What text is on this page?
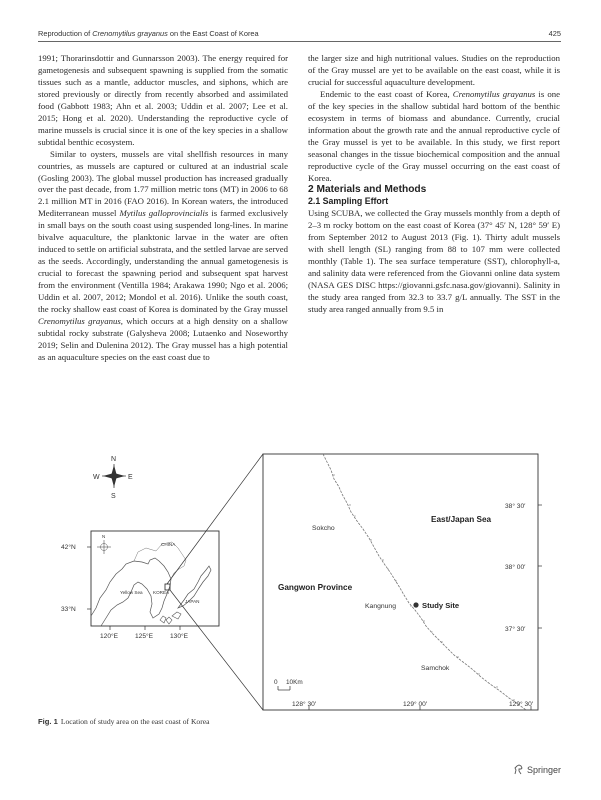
Reproduction of Crenomytilus grayanus on the East Coast of Korea	425

1991; Thorarinsdottir and Gunnarsson 2003). The energy required for gametogenesis and subsequent spawning is supplied from the somatic tissues such as a mantle, adductor muscles, and siphons, which are stored previously or directly from recently absorbed and assimilated food (Gabbott 1983; Ahn et al. 2003; Uddin et al. 2007; Lee et al. 2015; Hong et al. 2020). Understanding the reproductive cycle of marine mussels is crucial since it is one of the key species in a shallow subtidal benthic ecosystem.

Similar to oysters, mussels are vital shellfish resources in many countries, as mussels are captured or cultured at an industrial scale (Gosling 2003). The global mussel production has increased gradually over the past decade, from 1.77 million metric tons (MT) in 2006 to 68 2.1 million MT in 2016 (FAO 2016). In Korean waters, the introduced Mediterranean mussel Mytilus galloprovincialis is farmed exclusively in small bays on the south coast using suspended long-lines. In marine bivalve aquaculture, the planktonic larvae in the water are often induced to settle on artificial substrata, and the settled larvae are served as the seeds. Accordingly, understanding the annual gametogenesis is crucial to forecast the spawning period and subsequent spat harvest from the environment (Ventilla 1984; Arakawa 1990; Ngo et al. 2006; Uddin et al. 2007, 2012; Mondol et al. 2016). Unlike the south coast, the rocky shallow east coast of Korea is dominated by the Gray mussel Crenomytilus grayanus, which occurs at a high density on a shallow subtidal rocky substrate (Galysheva 2008; Lutaenko and Noseworthy 2019; Selin and Dulenina 2012). The Gray mussel has a high potential as an aquaculture species on the east coast due to

the larger size and high nutritional values. Studies on the reproduction of the Gray mussel are yet to be available on the east coast, while it is crucial for successful aquaculture development.

Endemic to the east coast of Korea, Crenomytilus grayanus is one of the key species in the shallow subtidal hard bottom of the benthic ecosystem in terms of biomass and abundance. Currently, crucial information about the growth rate and the annual reproductive cycle of the Gray mussel is yet to be available. In this study, we first report seasonal changes in the tissue biochemical composition and the annual reproductive cycle of the Gray mussel occurring on the east coast of Korea.

2 Materials and Methods

2.1 Sampling Effort

Using SCUBA, we collected the Gray mussels monthly from a depth of 2–3 m rocky bottom on the east coast of Korea (37° 45′ N, 128° 59′ E) from September 2012 to August 2013 (Fig. 1). Thirty adult mussels with shell length (SL) ranging from 88 to 107 mm were collected monthly (Table 1). The sea surface temperature (SST), chlorophyll-a, and salinity data were referenced from the Giovanni online data system (NASA GES DISC https://giovanni.gsfc.nasa.gov/giovanni). Salinity in the study area ranged from 32.3 to 33.7 g/L annually. The SST in the study area ranged annually from 9.5 in

N
S
E
W
42°N
33°N
120°E	125°E	130°E
N
CHINA
Yellow Sea KOREA
JAPAN
38° 30′
38° 00′
37° 30′
128° 30′	129° 00′	129° 30′
East/Japan Sea
Gangwon Province
Sokcho
Kangnung
Samchok
Study Site
0 10Km
Fig. 1 Location of study area on the east coast of Korea
Springer
